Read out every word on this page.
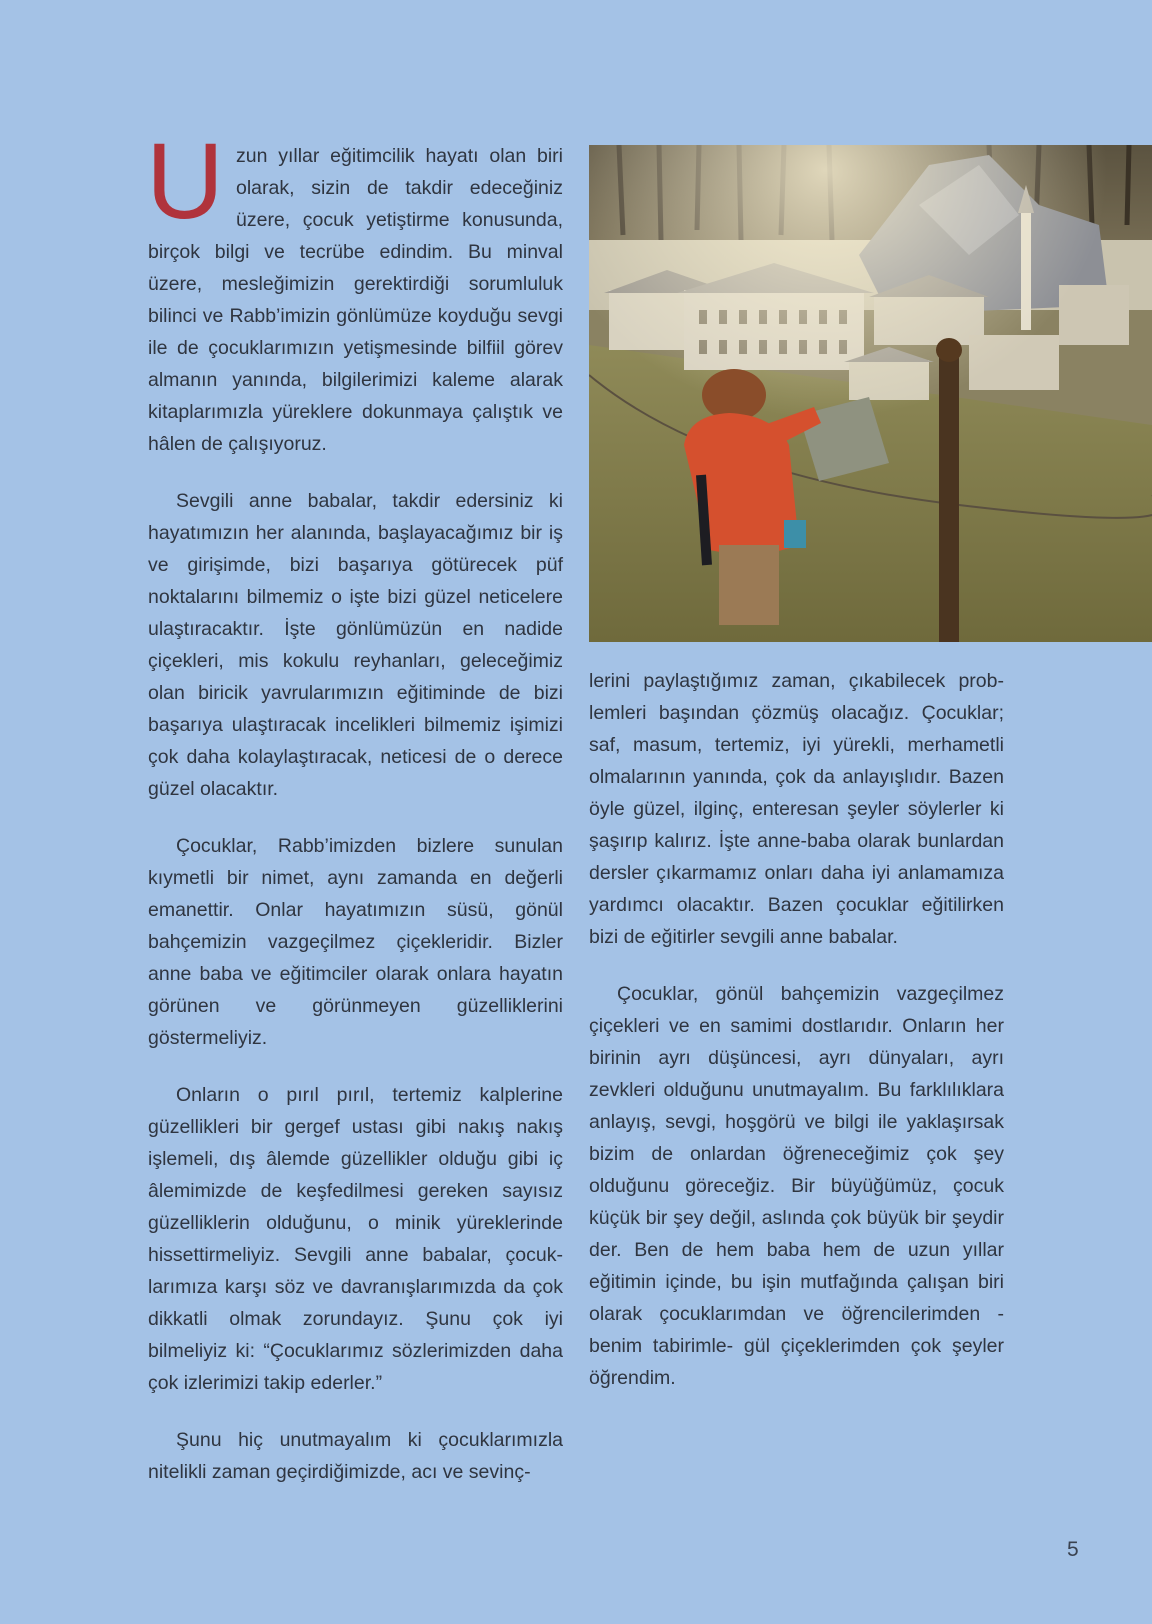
Uzun yıllar eğitimcilik hayatı olan biri olarak, sizin de takdir edeceğiniz üzere, çocuk yetiştirme konusunda, birçok bilgi ve tecrübe edindim. Bu minval üzere, mesleğimizin gerektirdiği sorumluluk bilinci ve Rabb’imizin gönlümüze koyduğu sevgi ile de çocuklarımızın yetişmesinde bilfiil görev almanın yanında, bilgilerimizi kaleme alarak kitaplarımızla yüreklere dokunmaya çalıştık ve hâlen de çalışıyoruz.

Sevgili anne babalar, takdir edersiniz ki hayatımızın her alanında, başlayacağımız bir iş ve girişimde, bizi başarıya götürecek püf noktalarını bilmemiz o işte bizi güzel neticelere ulaştıracaktır. İşte gönlümüzün en nadide çiçekleri, mis kokulu reyhanları, geleceğimiz olan biricik yavrularımızın eğitiminde de bizi başarıya ulaştıracak incelikleri bilmemiz işimizi çok daha kolaylaştıracak, neticesi de o derece güzel olacaktır.

Çocuklar, Rabb’imizden bizlere sunulan kıymetli bir nimet, aynı zamanda en değerli emanettir. Onlar hayatımızın süsü, gönül bahçemizin vazgeçilmez çiçekleridir. Bizler anne baba ve eğitimciler olarak onlara hayatın görünen ve görünmeyen güzelliklerini göstermeliyiz.

Onların o pırıl pırıl, tertemiz kalplerine güzellikleri bir gergef ustası gibi nakış nakış işlemeli, dış âlemde güzellikler olduğu gibi iç âlemimizde de keşfedilmesi gereken sayısız güzelliklerin olduğunu, o minik yüreklerinde hissettirmeliyiz. Sevgili anne babalar, çocuklarımıza karşı söz ve davranışlarımızda da çok dikkatli olmak zorundayız. Şunu çok iyi bilmeliyiz ki: “Çocuklarımız sözlerimizden daha çok izlerimizi takip ederler.”

Şunu hiç unutmayalım ki çocuklarımızla nitelikli zaman geçirdiğimizde, acı ve sevinç-

lerini paylaştığımız zaman, çıkabilecek problemleri başından çözmüş olacağız. Çocuklar; saf, masum, tertemiz, iyi yürekli, merhametli olmalarının yanında, çok da anlayışlıdır. Bazen öyle güzel, ilginç, enteresan şeyler söylerler ki şaşırıp kalırız. İşte anne-baba olarak bunlardan dersler çıkarmamız onları daha iyi anlamamıza yardımcı olacaktır. Bazen çocuklar eğitilirken bizi de eğitirler sevgili anne babalar.

Çocuklar, gönül bahçemizin vazgeçilmez çiçekleri ve en samimi dostlarıdır. Onların her birinin ayrı düşüncesi, ayrı dünyaları, ayrı zevkleri olduğunu unutmayalım. Bu farklılıklara anlayış, sevgi, hoşgörü ve bilgi ile yaklaşırsak bizim de onlardan öğreneceğimiz çok şey olduğunu göreceğiz. Bir büyüğümüz, çocuk küçük bir şey değil, aslında çok büyük bir şeydir der. Ben de hem baba hem de uzun yıllar eğitimin içinde, bu işin mutfağında çalışan biri olarak çocuklarımdan ve öğrencilerimden -benim tabirimle- gül çiçeklerimden çok şeyler öğrendim.

5
